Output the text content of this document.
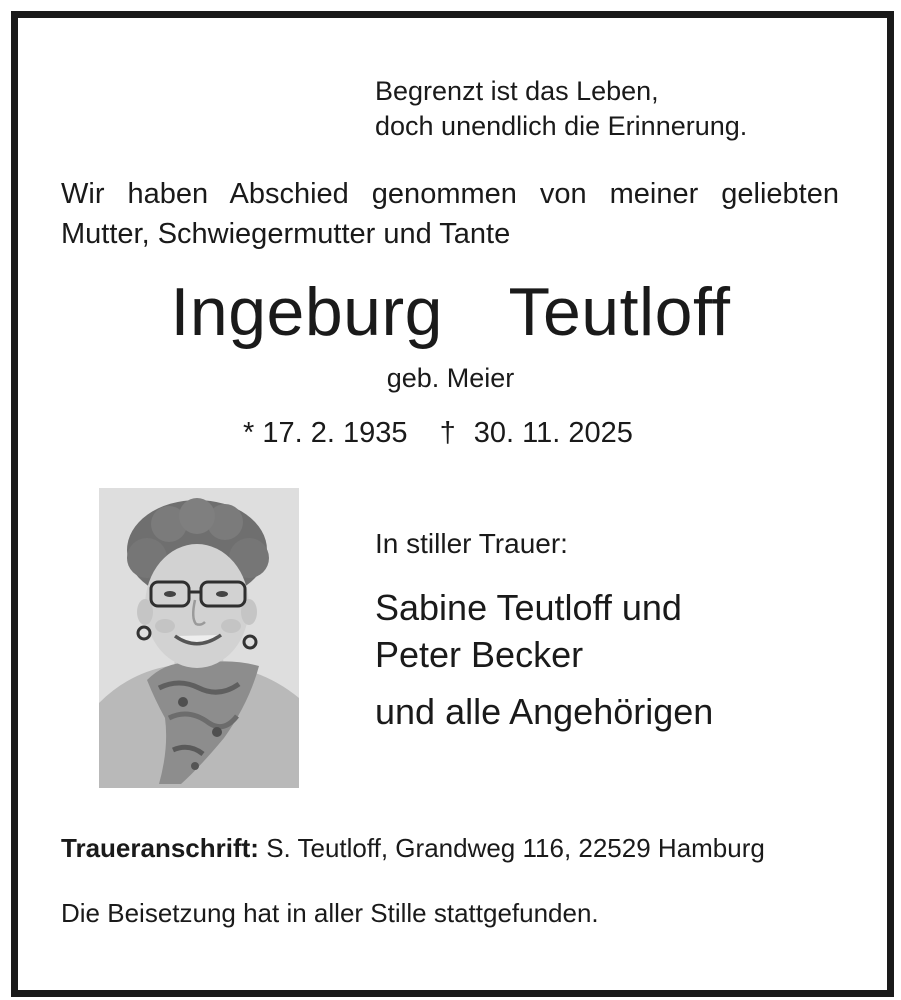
Begrenzt ist das Leben,
doch unendlich die Erinnerung.
Wir haben Abschied genommen von meiner geliebten
Mutter, Schwiegermutter und Tante
Ingeburg  Teutloff
geb. Meier
* 17. 2. 1935 † 30. 11. 2025
In stiller Trauer:
Sabine Teutloff und
Peter Becker
und alle Angehörigen
Traueranschrift: S. Teutloff, Grandweg 116, 22529 Hamburg
Die Beisetzung hat in aller Stille stattgefunden.
